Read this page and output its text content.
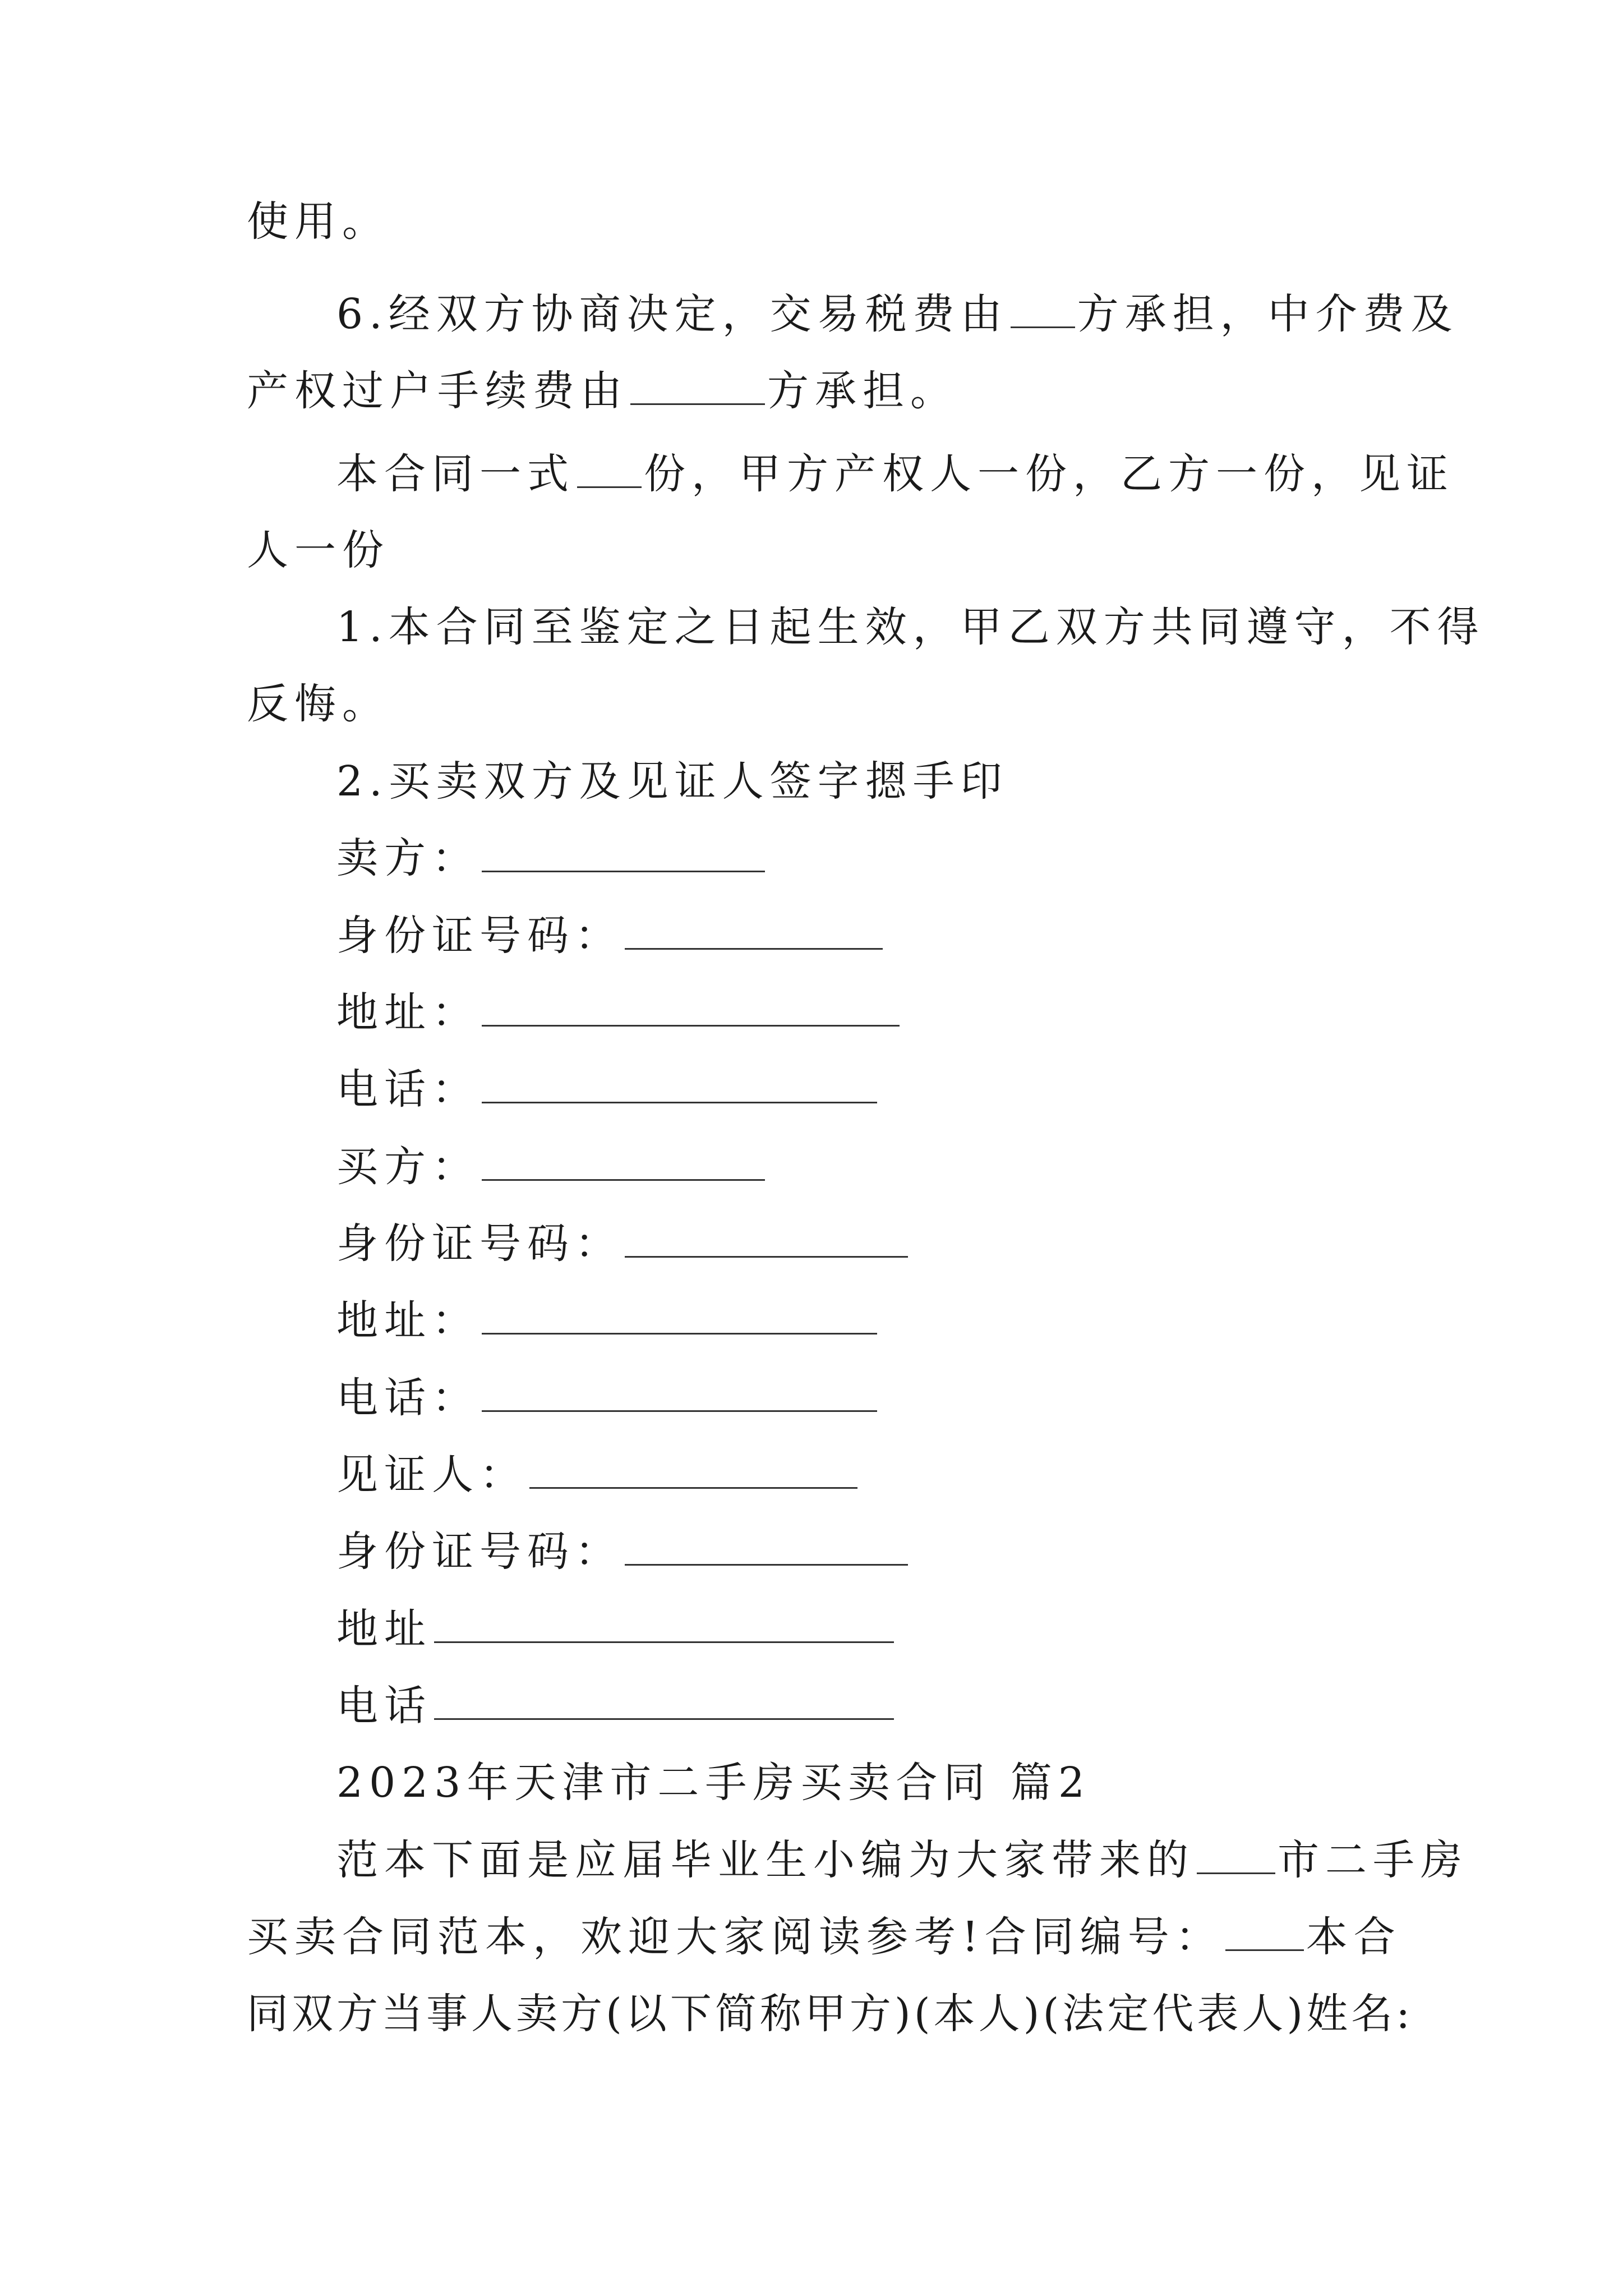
使用。
6.经双方协商决定，交易税费由 方承担，中介费及
产权过户手续费由	方承担。
本合同一式 份，甲方产权人一份，乙方一份，见证
人一份
1.本合同至鉴定之日起生效，甲乙双方共同遵守，不得
反悔。
2.买卖双方及见证人签字摁手印
卖方：
身份证号码：
地址：
电话：
买方：
身份证号码：
地址：
电话：
见证人：
身份证号码：
地址
电话
2023年天津市二手房买卖合同 篇2
范本下面是应届毕业生小编为大家带来的 市二手房
买卖合同范本，欢迎大家阅读参考!合同编号： 本合
同双方当事人卖方(以下简称甲方)(本人)(法定代表人)姓名:
